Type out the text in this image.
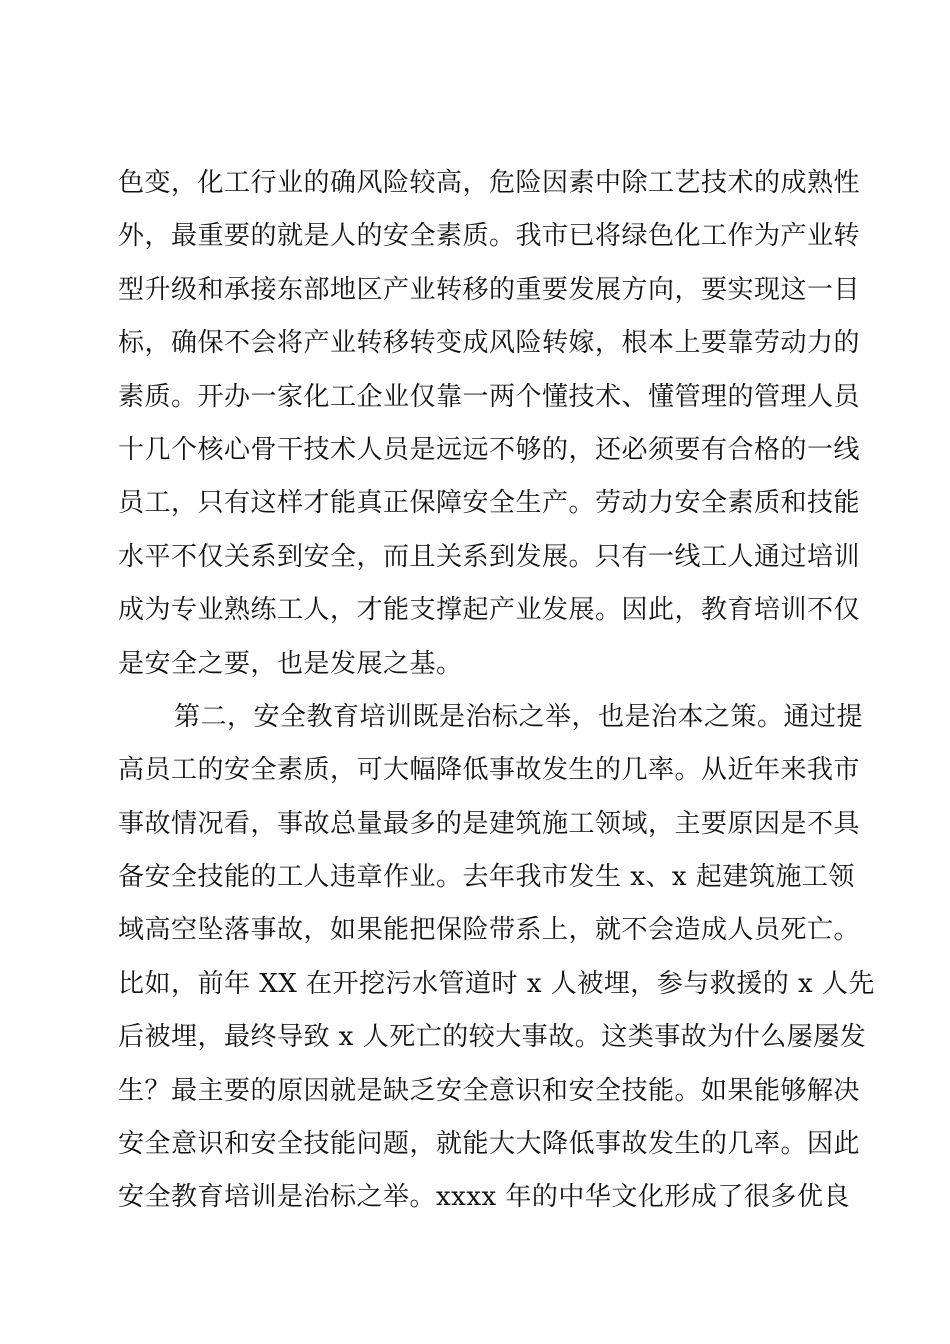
色变，化工行业的确风险较高，危险因素中除工艺技术的成熟性
外，最重要的就是人的安全素质。我市已将绿色化工作为产业转
型升级和承接东部地区产业转移的重要发展方向，要实现这一目
标，确保不会将产业转移转变成风险转嫁，根本上要靠劳动力的
素质。开办一家化工企业仅靠一两个懂技术、懂管理的管理人员
十几个核心骨干技术人员是远远不够的，还必须要有合格的一线
员工，只有这样才能真正保障安全生产。劳动力安全素质和技能
水平不仅关系到安全，而且关系到发展。只有一线工人通过培训
成为专业熟练工人，才能支撑起产业发展。因此，教育培训不仅
是安全之要，也是发展之基。
第二，安全教育培训既是治标之举，也是治本之策。通过提
高员工的安全素质，可大幅降低事故发生的几率。从近年来我市
事故情况看，事故总量最多的是建筑施工领域，主要原因是不具
备安全技能的工人违章作业。去年我市发生 x、x 起建筑施工领
域高空坠落事故，如果能把保险带系上，就不会造成人员死亡。
比如，前年 XX 在开挖污水管道时 x 人被埋，参与救援的 x 人先
后被埋，最终导致 x 人死亡的较大事故。这类事故为什么屡屡发
生？最主要的原因就是缺乏安全意识和安全技能。如果能够解决
安全意识和安全技能问题，就能大大降低事故发生的几率。因此
安全教育培训是治标之举。xxxx 年的中华文化形成了很多优良
